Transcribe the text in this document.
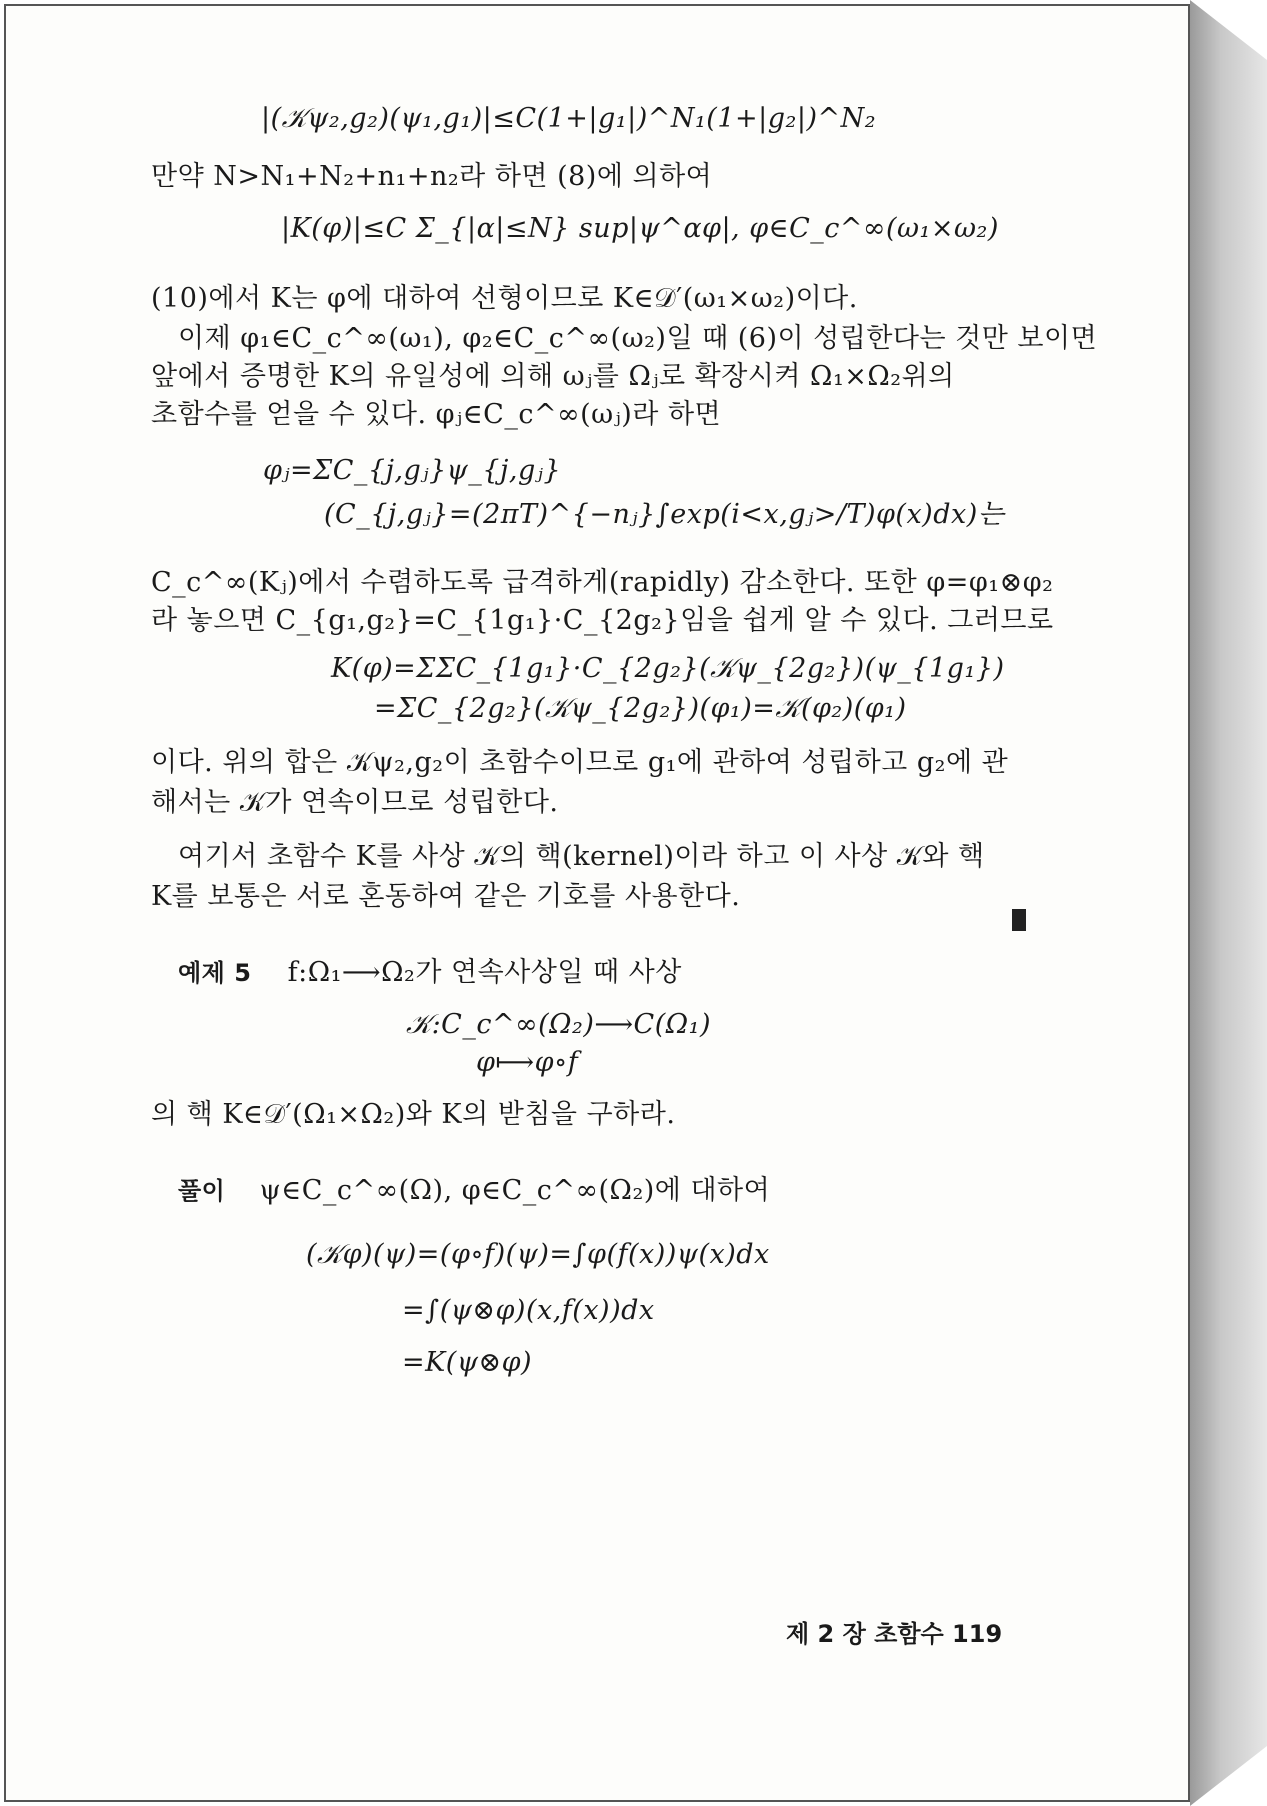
|(𝒦ψ₂,g₂)(ψ₁,g₁)|≤C(1+|g₁|)^N₁(1+|g₂|)^N₂
만약 N>N₁+N₂+n₁+n₂라 하면 (8)에 의하여
|K(φ)|≤C Σ_{|α|≤N} sup|ψ^αφ|, φ∈C_c^∞(ω₁×ω₂)
(10)에서 K는 φ에 대하여 선형이므로 K∈𝒟′(ω₁×ω₂)이다.
이제 φ₁∈C_c^∞(ω₁), φ₂∈C_c^∞(ω₂)일 때 (6)이 성립한다는 것만 보이면
앞에서 증명한 K의 유일성에 의해 ωⱼ를 Ωⱼ로 확장시켜 Ω₁×Ω₂위의
초함수를 얻을 수 있다. φⱼ∈C_c^∞(ωⱼ)라 하면
φⱼ=ΣC_{j,gⱼ}ψ_{j,gⱼ}
(C_{j,gⱼ}=(2πT)^{−nⱼ}∫exp(i<x,gⱼ>/T)φ(x)dx)는
C_c^∞(Kⱼ)에서 수렴하도록 급격하게(rapidly) 감소한다. 또한 φ=φ₁⊗φ₂
라 놓으면 C_{g₁,g₂}=C_{1g₁}·C_{2g₂}임을 쉽게 알 수 있다. 그러므로
K(φ)=ΣΣC_{1g₁}·C_{2g₂}(𝒦ψ_{2g₂})(ψ_{1g₁})
=ΣC_{2g₂}(𝒦ψ_{2g₂})(φ₁)=𝒦(φ₂)(φ₁)
이다. 위의 합은 𝒦ψ₂,g₂이 초함수이므로 g₁에 관하여 성립하고 g₂에 관
해서는 𝒦가 연속이므로 성립한다.
여기서 초함수 K를 사상 𝒦의 핵(kernel)이라 하고 이 사상 𝒦와 핵
K를 보통은 서로 혼동하여 같은 기호를 사용한다.
예제 5 f:Ω₁⟶Ω₂가 연속사상일 때 사상
𝒦:C_c^∞(Ω₂)⟶C(Ω₁)
φ⟼φ∘f
의 핵 K∈𝒟′(Ω₁×Ω₂)와 K의 받침을 구하라.
풀이 ψ∈C_c^∞(Ω), φ∈C_c^∞(Ω₂)에 대하여
(𝒦φ)(ψ)=(φ∘f)(ψ)=∫φ(f(x))ψ(x)dx
=∫(ψ⊗φ)(x,f(x))dx
=K(ψ⊗φ)
제 2 장 초함수 119
